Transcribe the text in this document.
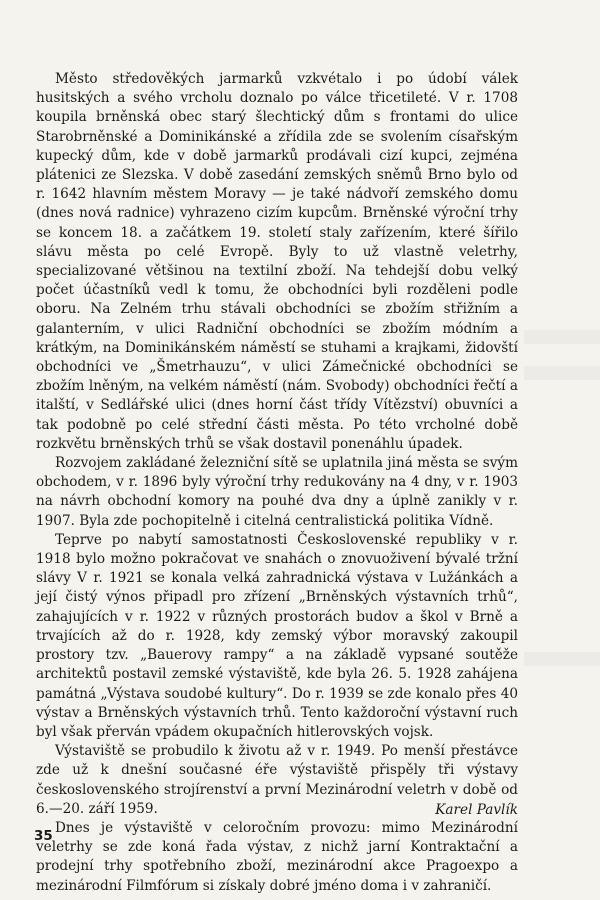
Město středověkých jarmarků vzkvétalo i po údobí válek husitských a svého vrcholu doznalo po válce třicetileté. V r. 1708 koupila brněnská obec starý šlechtický dům s frontami do ulice Starobrněnské a Dominikánské a zřídila zde se svolením císařským kupecký dům, kde v době jarmarků prodávali cizí kupci, zejména plátenici ze Slezska. V době zasedání zemských sněmů Brno bylo od r. 1642 hlavním městem Moravy — je také nádvoří zemského domu (dnes nová radnice) vyhrazeno cizím kupcům. Brněnské výroční trhy se koncem 18. a začátkem 19. století staly zařízením, které šířilo slávu města po celé Evropě. Byly to už vlastně veletrhy, specializované většinou na textilní zboží. Na tehdejší dobu velký počet účastníků vedl k tomu, že obchodníci byli rozděleni podle oboru. Na Zelném trhu stávali obchodníci se zbožím střižním a galanterním, v ulici Radniční obchodníci se zbožím módním a krátkým, na Dominikánském náměstí se stuhami a krajkami, židovští obchodníci ve „Šmetrhauzu“, v ulici Zámečnické obchodníci se zbožím lněným, na velkém náměstí (nám. Svobody) obchodníci řečtí a italští, v Sedlářské ulici (dnes horní část třídy Vítězství) obuvníci a tak podobně po celé střední části města. Po této vrcholné době rozkvětu brněnských trhů se však dostavil ponenáhlu úpadek.

Rozvojem zakládané železniční sítě se uplatnila jiná města se svým obchodem, v r. 1896 byly výroční trhy redukovány na 4 dny, v r. 1903 na návrh obchodní komory na pouhé dva dny a úplně zanikly v r. 1907. Byla zde pochopitelně i citelná centralistická politika Vídně.

Teprve po nabytí samostatnosti Československé republiky v r. 1918 bylo možno pokračovat ve snahách o znovuoživení bývalé tržní slávy V r. 1921 se konala velká zahradnická výstava v Lužánkách a její čistý výnos připadl pro zřízení „Brněnských výstavních trhů“, zahajujících v r. 1922 v různých prostorách budov a škol v Brně a trvajících až do r. 1928, kdy zemský výbor moravský zakoupil prostory tzv. „Bauerovy rampy“ a na základě vypsané soutěže architektů postavil zemské výstaviště, kde byla 26. 5. 1928 zahájena památná „Výstava soudobé kultury“. Do r. 1939 se zde konalo přes 40 výstav a Brněnských výstavních trhů. Tento každoroční výstavní ruch byl však přerván vpádem okupačních hitlerovských vojsk.

Výstaviště se probudilo k životu až v r. 1949. Po menší přestávce zde už k dnešní současné éře výstaviště přispěly tři výstavy československého strojírenství a první Mezinárodní veletrh v době od 6.—20. září 1959.

Dnes je výstaviště v celoročním provozu: mimo Mezinárodní veletrhy se zde koná řada výstav, z nichž jarní Kontraktační a prodejní trhy spotřebního zboží, mezinárodní akce Pragoexpo a mezinárodní Filmfórum si získaly dobré jméno doma i v zahraničí.

Karel Pavlík
35
